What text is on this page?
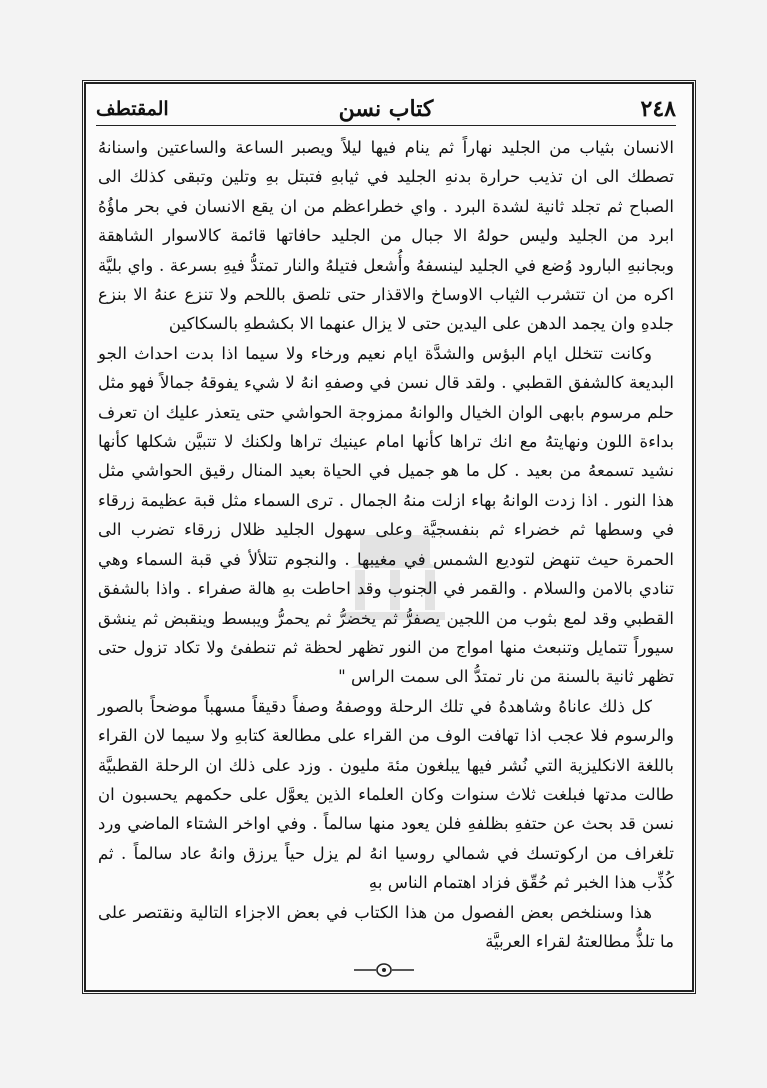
المقتطف	كتاب نسن	٢٤٨

الانسان بثياب من الجليد نهاراً ثم ينام فيها ليلاً ويصبر الساعة والساعتين واسنانهُ تصطك الى ان تذيب حرارة بدنهِ الجليد في ثيابهِ فتبتل بهِ وتلين وتبقى كذلك الى الصباح ثم تجلد ثانية لشدة البرد . واي خطراعظم من ان يقع الانسان في بحر ماؤُهُ ابرد من الجليد وليس حولهُ الا جبال من الجليد حافاتها قائمة كالاسوار الشاهقة وبجانبهِ البارود وُضع في الجليد لينسفهُ وأُشعل فتيلهُ والنار تمتدُّ فيهِ بسرعة . واي بليَّة اكره من ان تتشرب الثياب الاوساخ والاقذار حتى تلصق باللحم ولا تنزع عنهُ الا بنزع جلدهِ وان يجمد الدهن على اليدين حتى لا يزال عنهما الا بكشطهِ بالسكاكين

وكانت تتخلل ايام البؤس والشدَّة ايام نعيم ورخاء ولا سيما اذا بدت احداث الجو البديعة كالشفق القطبي . ولقد قال نسن في وصفهِ انهُ لا شيء يفوقهُ جمالاً فهو مثل حلم مرسوم بابهى الوان الخيال والوانهُ ممزوجة الحواشي حتى يتعذر عليك ان تعرف بداءة اللون ونهايتهُ مع انك تراها كأنها امام عينيك تراها ولكنك لا تتبيَّن شكلها كأنها نشيد تسمعهُ من بعيد . كل ما هو جميل في الحياة بعيد المنال رقيق الحواشي مثل هذا النور . اذا زدت الوانهُ بهاء ازلت منهُ الجمال . ترى السماء مثل قبة عظيمة زرقاء في وسطها ثم خضراء ثم بنفسجيَّة وعلى سهول الجليد ظلال زرقاء تضرب الى الحمرة حيث تنهض لتوديع الشمس في مغيبها . والنجوم تتلألأ في قبة السماء وهي تنادي بالامن والسلام . والقمر في الجنوب وقد احاطت بهِ هالة صفراء . واذا بالشفق القطبي وقد لمع بثوب من اللجين يصفرُّ ثم يخضرُّ ثم يحمرُّ ويبسط وينقبض ثم ينشق سيوراً تتمايل وتنبعث منها امواج من النور تظهر لحظة ثم تنطفئ ولا تكاد تزول حتى تظهر ثانية بالسنة من نار تمتدُّ الى سمت الراس "

كل ذلك عاناهُ وشاهدهُ في تلك الرحلة ووصفهُ وصفاً دقيقاً مسهباً موضحاً بالصور والرسوم فلا عجب اذا تهافت الوف من القراء على مطالعة كتابهِ ولا سيما لان القراء باللغة الانكليزية التي نُشر فيها يبلغون مئة مليون . وزد على ذلك ان الرحلة القطبيَّة طالت مدتها فبلغت ثلاث سنوات وكان العلماء الذين يعوَّل على حكمهم يحسبون ان نسن قد بحث عن حتفهِ بظلفهِ فلن يعود منها سالماً . وفي اواخر الشتاء الماضي ورد تلغراف من اركوتسك في شمالي روسيا انهُ لم يزل حياً يرزق وانهُ عاد سالماً . ثم كُذِّب هذا الخبر ثم حُقّق فزاد اهتمام الناس بهِ

هذا وسنلخص بعض الفصول من هذا الكتاب في بعض الاجزاء التالية ونقتصر على ما تلذُّ مطالعتهُ لقراء العربيَّة
